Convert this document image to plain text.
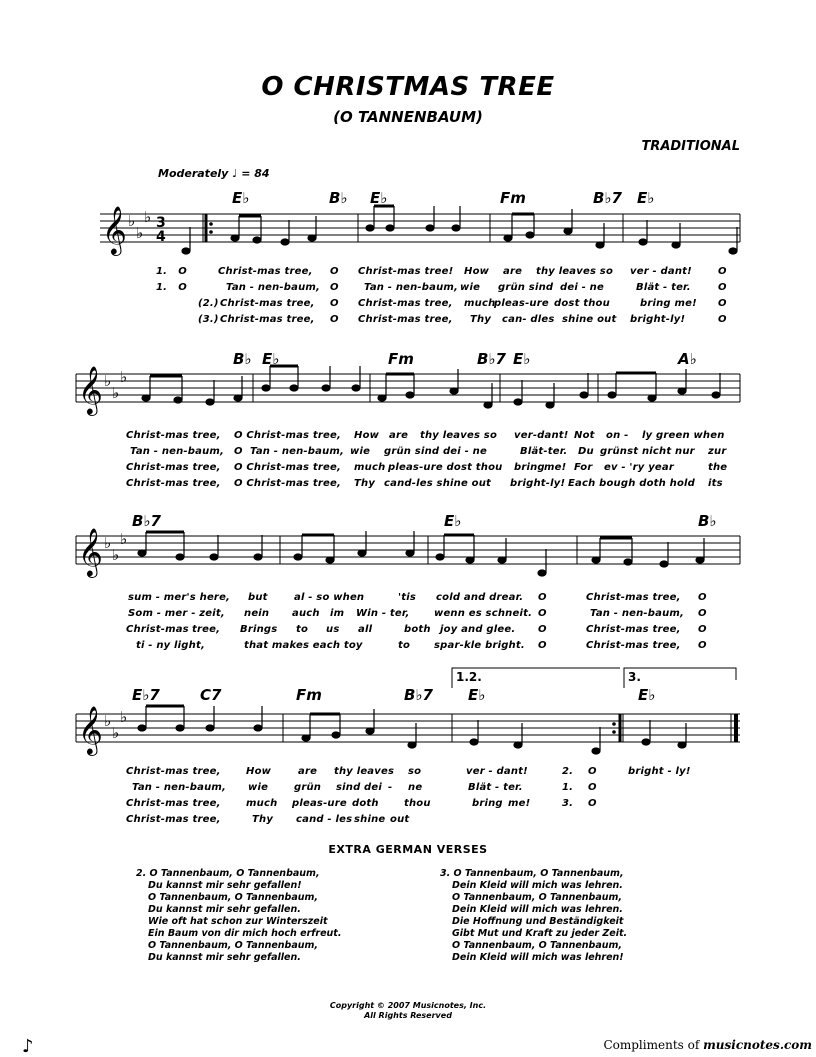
O CHRISTMAS TREE
(O TANNENBAUM)
TRADITIONAL
Moderately ♩ = 84
E♭	B♭ E♭	Fm	B♭7 E♭
𝄞 ♭
♭
♭ 3
4
1. O	Christ-mas tree, O Christ-mas tree! How are thy leaves so ver - dant!	O
1. O	Tan - nen-baum, O	Tan - nen-baum, wie grün sind dei - ne	Blät - ter.	O
(2.) Christ-mas tree, O Christ-mas tree, much
pleas-ure dost thou	bring me! O
(3.) Christ-mas tree, O Christ-mas tree, Thy can- dles shine out bright-ly!	O
B♭ E♭	Fm	B♭7 E♭	A♭
𝄞 ♭
♭
♭
Christ-mas tree, O Christ-mas tree, How are thy leaves so ver-dant! Not on - ly green when
Tan - nen-baum, O Tan - nen-baum, wie grün sind dei - ne	Blät-ter. Du grünst nicht nur zur
Christ-mas tree, O Christ-mas tree, much pleas-ure dost thou bring me! For ev - 'ry year	the
Christ-mas tree, O Christ-mas tree, Thy cand-les shine out bright-ly! Each bough doth hold its
B♭7	E♭	B♭
𝄞 ♭
♭
♭
sum - mer's here, but	al - so when	'tis cold and drear. O	Christ-mas tree, O
Som - mer - zeit, nein auch im Win - ter, wenn es schneit. O	Tan - nen-baum, O
Christ-mas tree, Brings to us all	both joy and glee. O	Christ-mas tree, O
ti - ny light,	that makes each toy	to spar-kle bright. O	Christ-mas tree, O
1.2.	3.
E♭7	C7	Fm	B♭7 E♭	E♭
𝄞 ♭
♭
♭
Christ-mas tree,	How	are thy leaves so	ver - dant!	2. O	bright - ly!
Tan - nen-baum, wie	grün sind dei - ne	Blät - ter.	1. O
Christ-mas tree,	much pleas-ure doth	thou	bring me!	3. O
Christ-mas tree,	Thy cand - les shine out
EXTRA GERMAN VERSES
2. O Tannenbaum, O Tannenbaum,
Du kannst mir sehr gefallen!
O Tannenbaum, O Tannenbaum,
Du kannst mir sehr gefallen.
Wie oft hat schon zur Winterszeit
Ein Baum von dir mich hoch erfreut.
O Tannenbaum, O Tannenbaum,
Du kannst mir sehr gefallen.
3. O Tannenbaum, O Tannenbaum,
Dein Kleid will mich was lehren.
O Tannenbaum, O Tannenbaum,
Dein Kleid will mich was lehren.
Die Hoffnung und Beständigkeit
Gibt Mut und Kraft zu jeder Zeit.
O Tannenbaum, O Tannenbaum,
Dein Kleid will mich was lehren!
Copyright © 2007 Musicnotes, Inc.
All Rights Reserved
♪	Compliments of musicnotes.com
